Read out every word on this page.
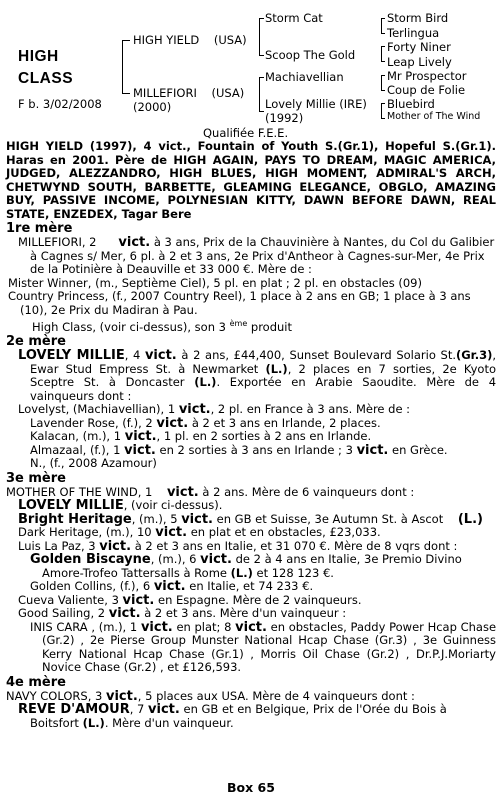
HIGH
CLASS
F b. 3/02/2008
HIGH YIELD (USA)
MILLEFIORI (USA)
(2000)
Storm Cat
Scoop The Gold
Machiavellian
Lovely Millie (IRE)
(1992)
Storm Bird
Terlingua
Forty Niner
Leap Lively
Mr Prospector
Coup de Folie
Bluebird
Mother of The Wind
Qualifiée F.E.E.

HIGH YIELD (1997), 4 vict., Fountain of Youth S.(Gr.1), Hopeful S.(Gr.1). Haras en 2001. Père de HIGH AGAIN, PAYS TO DREAM, MAGIC AMERICA, JUDGED, ALEZZANDRO, HIGH BLUES, HIGH MOMENT, ADMIRAL'S ARCH, CHETWYND SOUTH, BARBETTE, GLEAMING ELEGANCE, OBGLO, AMAZING BUY, PASSIVE INCOME, POLYNESIAN KITTY, DAWN BEFORE DAWN, REAL STATE, ENZEDEX, Tagar Bere

1re mère

MILLEFIORI, 2 vict. à 3 ans, Prix de la Chauvinière à Nantes, du Col du Galibier à Cagnes s/ Mer, 6 pl. à 2 et 3 ans, 2e Prix d'Antheor à Cagnes-sur-Mer, 4e Prix de la Potinière à Deauville et 33 000 €. Mère de :

Mister Winner, (m., Septième Ciel), 5 pl. en plat ; 2 pl. en obstacles (09)

Country Princess, (f., 2007 Country Reel), 1 place à 2 ans en GB; 1 place à 3 ans (10), 2e Prix du Madiran à Pau.

High Class, (voir ci-dessus), son 3 $^{ème}$ produit

2e mère

LOVELY MILLIE, 4 vict. à 2 ans, £44,400, Sunset Boulevard Solario St.(Gr.3), Ewar Stud Empress St. à Newmarket (L.), 2 places en 7 sorties, 2e Kyoto Sceptre St. à Doncaster (L.). Exportée en Arabie Saoudite. Mère de 4 vainqueurs dont :

Lovelyst, (Machiavellian), 1 vict., 2 pl. en France à 3 ans. Mère de :

Lavender Rose, (f.), 2 vict. à 2 et 3 ans en Irlande, 2 places.

Kalacan, (m.), 1 vict., 1 pl. en 2 sorties à 2 ans en Irlande.

Almazaal, (f.), 1 vict. en 2 sorties à 3 ans en Irlande ; 3 vict. en Grèce.

N., (f., 2008 Azamour)

3e mère

MOTHER OF THE WIND, 1 vict. à 2 ans. Mère de 6 vainqueurs dont :

LOVELY MILLIE, (voir ci-dessus).

Bright Heritage, (m.), 5 vict. en GB et Suisse, 3e Autumn St. à Ascot (L.)

Dark Heritage, (m.), 10 vict. en plat et en obstacles, £23,033.

Luis La Paz, 3 vict. à 2 et 3 ans en Italie, et 31 070 €. Mère de 8 vqrs dont :

Golden Biscayne, (m.), 6 vict. de 2 à 4 ans en Italie, 3e Premio Divino Amore-Trofeo Tattersalls à Rome (L.) et 128 123 €.

Golden Collins, (f.), 6 vict. en Italie, et 74 233 €.

Cueva Valiente, 3 vict. en Espagne. Mère de 2 vainqueurs.

Good Sailing, 2 vict. à 2 et 3 ans. Mère d'un vainqueur :

INIS CARA , (m.), 1 vict. en plat; 8 vict. en obstacles, Paddy Power Hcap Chase (Gr.2) , 2e Pierse Group Munster National Hcap Chase (Gr.3) , 3e Guinness Kerry National Hcap Chase (Gr.1) , Morris Oil Chase (Gr.2) , Dr.P.J.Moriarty Novice Chase (Gr.2) , et £126,593.

4e mère

NAVY COLORS, 3 vict., 5 places aux USA. Mère de 4 vainqueurs dont :

REVE D'AMOUR, 7 vict. en GB et en Belgique, Prix de l'Orée du Bois à Boitsfort (L.). Mère d'un vainqueur.

Box 65
